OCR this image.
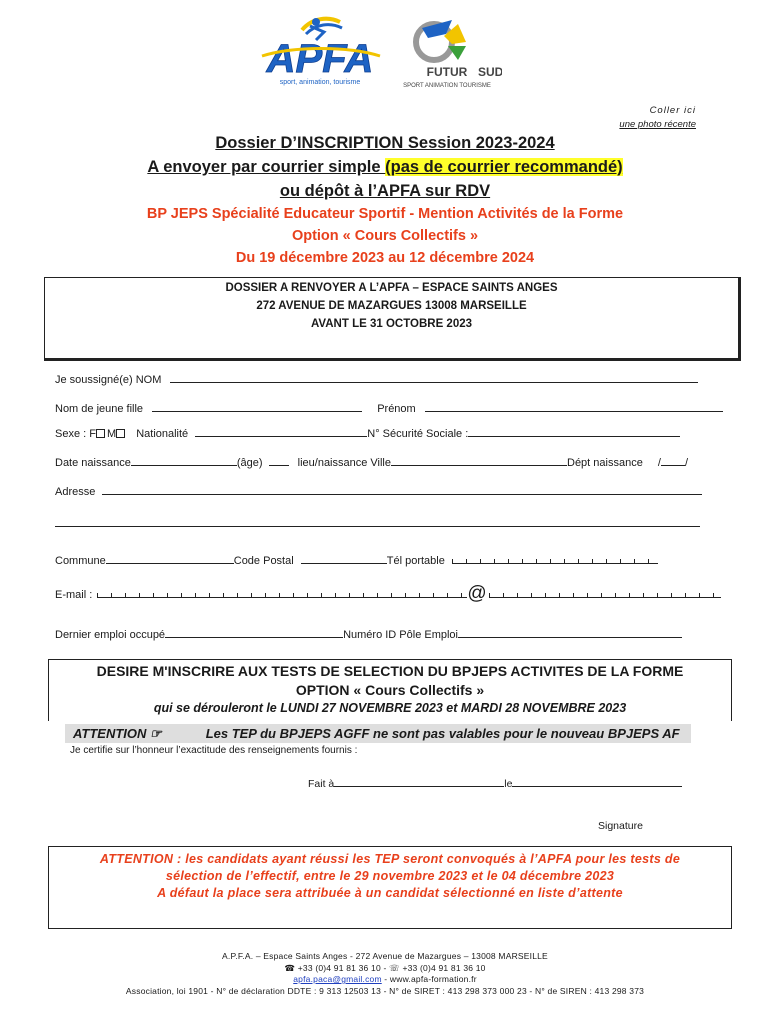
APFA
sport, animation, tourisme
FUTUR SUD
SPORT ANIMATION TOURISME
Coller ici
une photo récente
Dossier D’INSCRIPTION Session 2023-2024
A envoyer par courrier simple (pas de courrier recommandé)
ou dépôt à l’APFA sur RDV
BP JEPS Spécialité Educateur Sportif - Mention Activités de la Forme
Option « Cours Collectifs »
Du 19 décembre 2023 au 12 décembre 2024
DOSSIER A RENVOYER A L’APFA – ESPACE SAINTS ANGES
272 AVENUE DE MAZARGUES 13008 MARSEILLE
AVANT LE 31 OCTOBRE 2023
Je soussigné(e) NOM
Nom de jeune fille	Prénom
Sexe : F M Nationalité	N° Sécurité Sociale :
Date naissance	(âge)	lieu/naissance Ville	Dépt naissance / /
Adresse
Commune	Code Postal	Tél portable
E-mail :	@
Dernier emploi occupé	Numéro ID Pôle Emploi
DESIRE M'INSCRIRE AUX TESTS DE SELECTION DU BPJEPS ACTIVITES DE LA FORME
OPTION « Cours Collectifs »
qui se dérouleront le LUNDI 27 NOVEMBRE 2023 et MARDI 28 NOVEMBRE 2023
ATTENTION ☞	Les TEP du BPJEPS AGFF ne sont pas valables pour le nouveau BPJEPS AF
Je certifie sur l’honneur l’exactitude des renseignements fournis :
Fait à	le
Signature
ATTENTION : les candidats ayant réussi les TEP seront convoqués à l’APFA pour les tests de
sélection de l’effectif, entre le 29 novembre 2023 et le 04 décembre 2023
A défaut la place sera attribuée à un candidat sélectionné en liste d’attente
A.P.F.A. – Espace Saints Anges - 272 Avenue de Mazargues – 13008 MARSEILLE
☎ +33 (0)4 91 81 36 10 - ☏ +33 (0)4 91 81 36 10
apfa.paca@gmail.com - www.apfa-formation.fr
Association, loi 1901 - N° de déclaration DDTE : 9 313 12503 13 - N° de SIRET : 413 298 373 000 23 - N° de SIREN : 413 298 373
